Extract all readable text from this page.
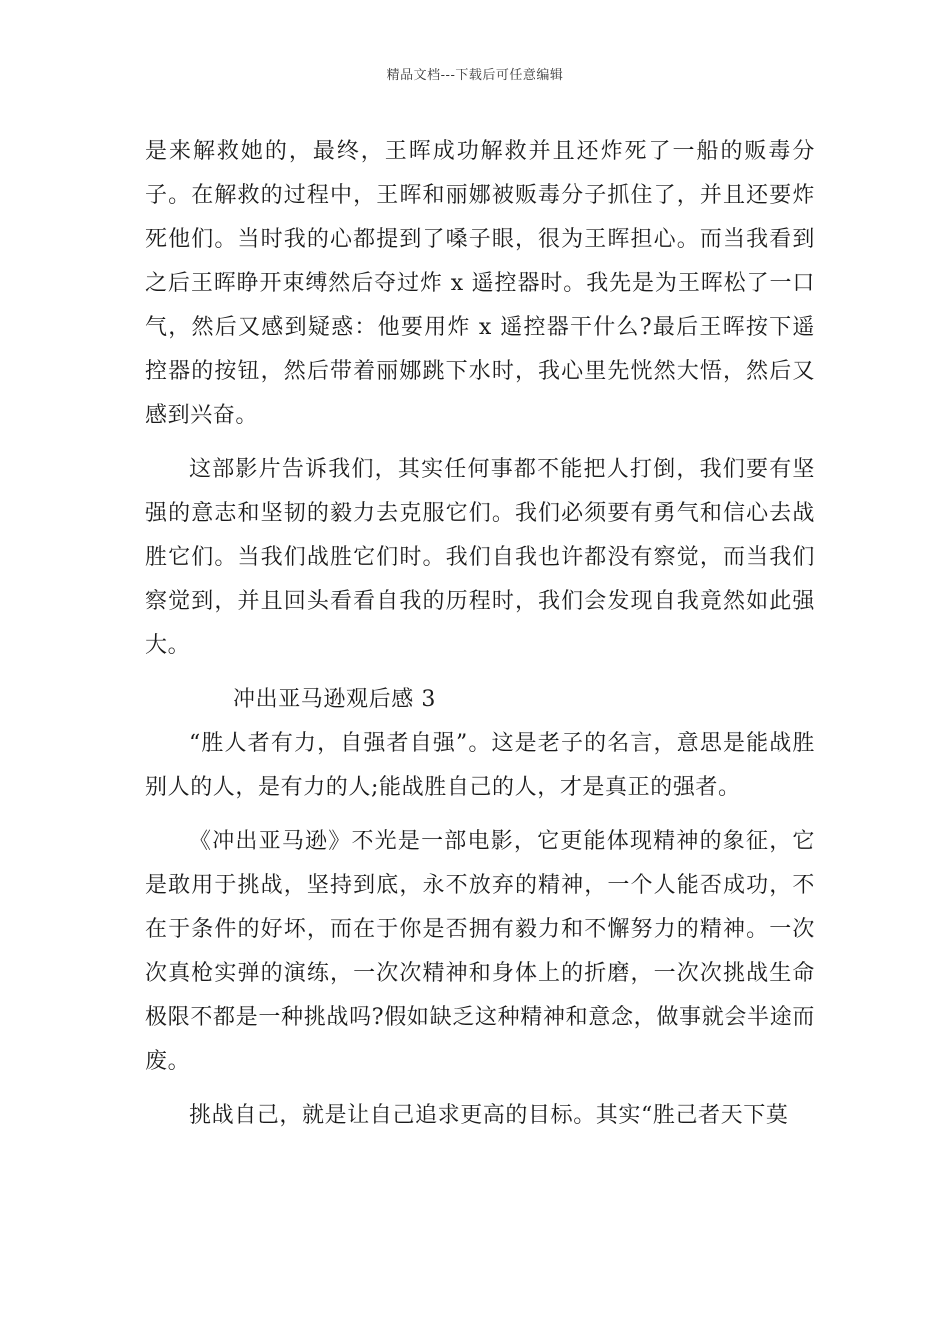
精品文档---下载后可任意编辑

是来解救她的，最终，王晖成功解救并且还炸死了一船的贩毒分子。在解救的过程中，王晖和丽娜被贩毒分子抓住了，并且还要炸死他们。当时我的心都提到了嗓子眼，很为王晖担心。而当我看到之后王晖睁开束缚然后夺过炸 x 遥控器时。我先是为王晖松了一口气，然后又感到疑惑：他要用炸 x 遥控器干什么?最后王晖按下遥控器的按钮，然后带着丽娜跳下水时，我心里先恍然大悟，然后又感到兴奋。

这部影片告诉我们，其实任何事都不能把人打倒，我们要有坚强的意志和坚韧的毅力去克服它们。我们必须要有勇气和信心去战胜它们。当我们战胜它们时。我们自我也许都没有察觉，而当我们察觉到，并且回头看看自我的历程时，我们会发现自我竟然如此强大。

冲出亚马逊观后感 3

“胜人者有力，自强者自强”。这是老子的名言，意思是能战胜别人的人，是有力的人;能战胜自己的人，才是真正的强者。

《冲出亚马逊》不光是一部电影，它更能体现精神的象征，它是敢用于挑战，坚持到底，永不放弃的精神，一个人能否成功，不在于条件的好坏，而在于你是否拥有毅力和不懈努力的精神。一次次真枪实弹的演练，一次次精神和身体上的折磨，一次次挑战生命极限不都是一种挑战吗?假如缺乏这种精神和意念，做事就会半途而废。

挑战自己，就是让自己追求更高的目标。其实“胜己者天下莫
